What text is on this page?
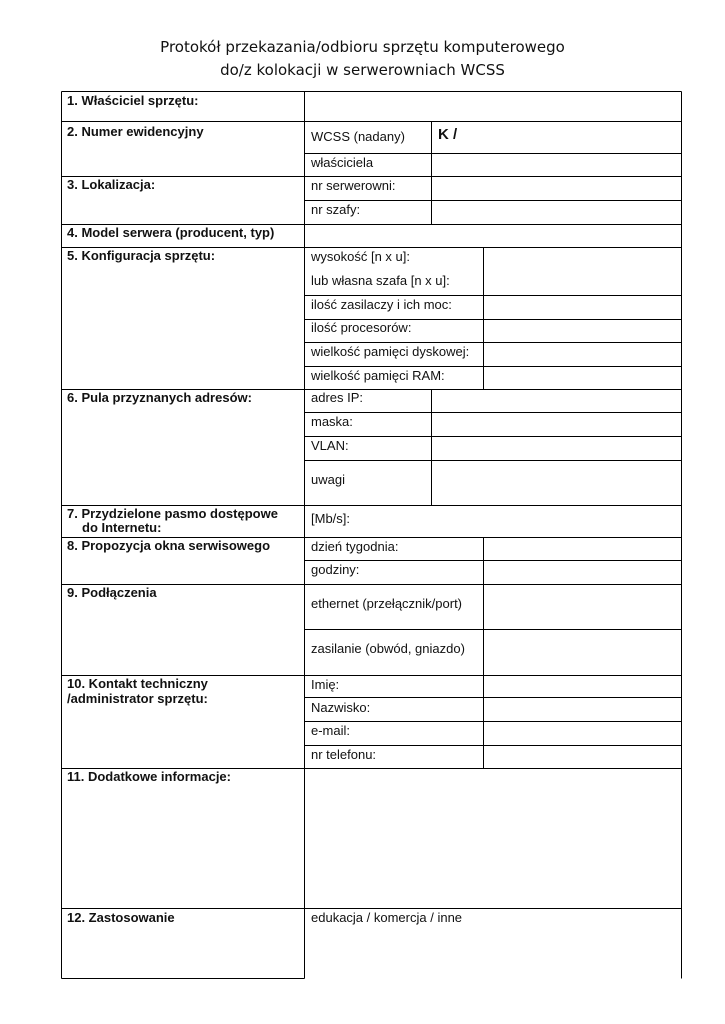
Protokół przekazania/odbioru sprzętu komputerowego
do/z kolokacji w serwerowniach WCSS
1. Właściciel sprzętu:
2. Numer ewidencyjny
3. Lokalizacja:
4. Model serwera (producent, typ)
5. Konfiguracja sprzętu:
6. Pula przyznanych adresów:
7. Przydzielone pasmo dostępowe
do Internetu:
8. Propozycja okna serwisowego
9. Podłączenia
10. Kontakt techniczny
/administrator sprzętu:
11. Dodatkowe informacje:
12. Zastosowanie
WCSS (nadany) K /
właściciela
nr serwerowni:
nr szafy:
wysokość [n x u]:
lub własna szafa [n x u]:
ilość zasilaczy i ich moc:
ilość procesorów:
wielkość pamięci dyskowej:
wielkość pamięci RAM:
adres IP:
maska:
VLAN:
uwagi
[Mb/s]:
dzień tygodnia:
godziny:
ethernet (przełącznik/port)
zasilanie (obwód, gniazdo)
Imię:
Nazwisko:
e-mail:
nr telefonu:
edukacja / komercja / inne
